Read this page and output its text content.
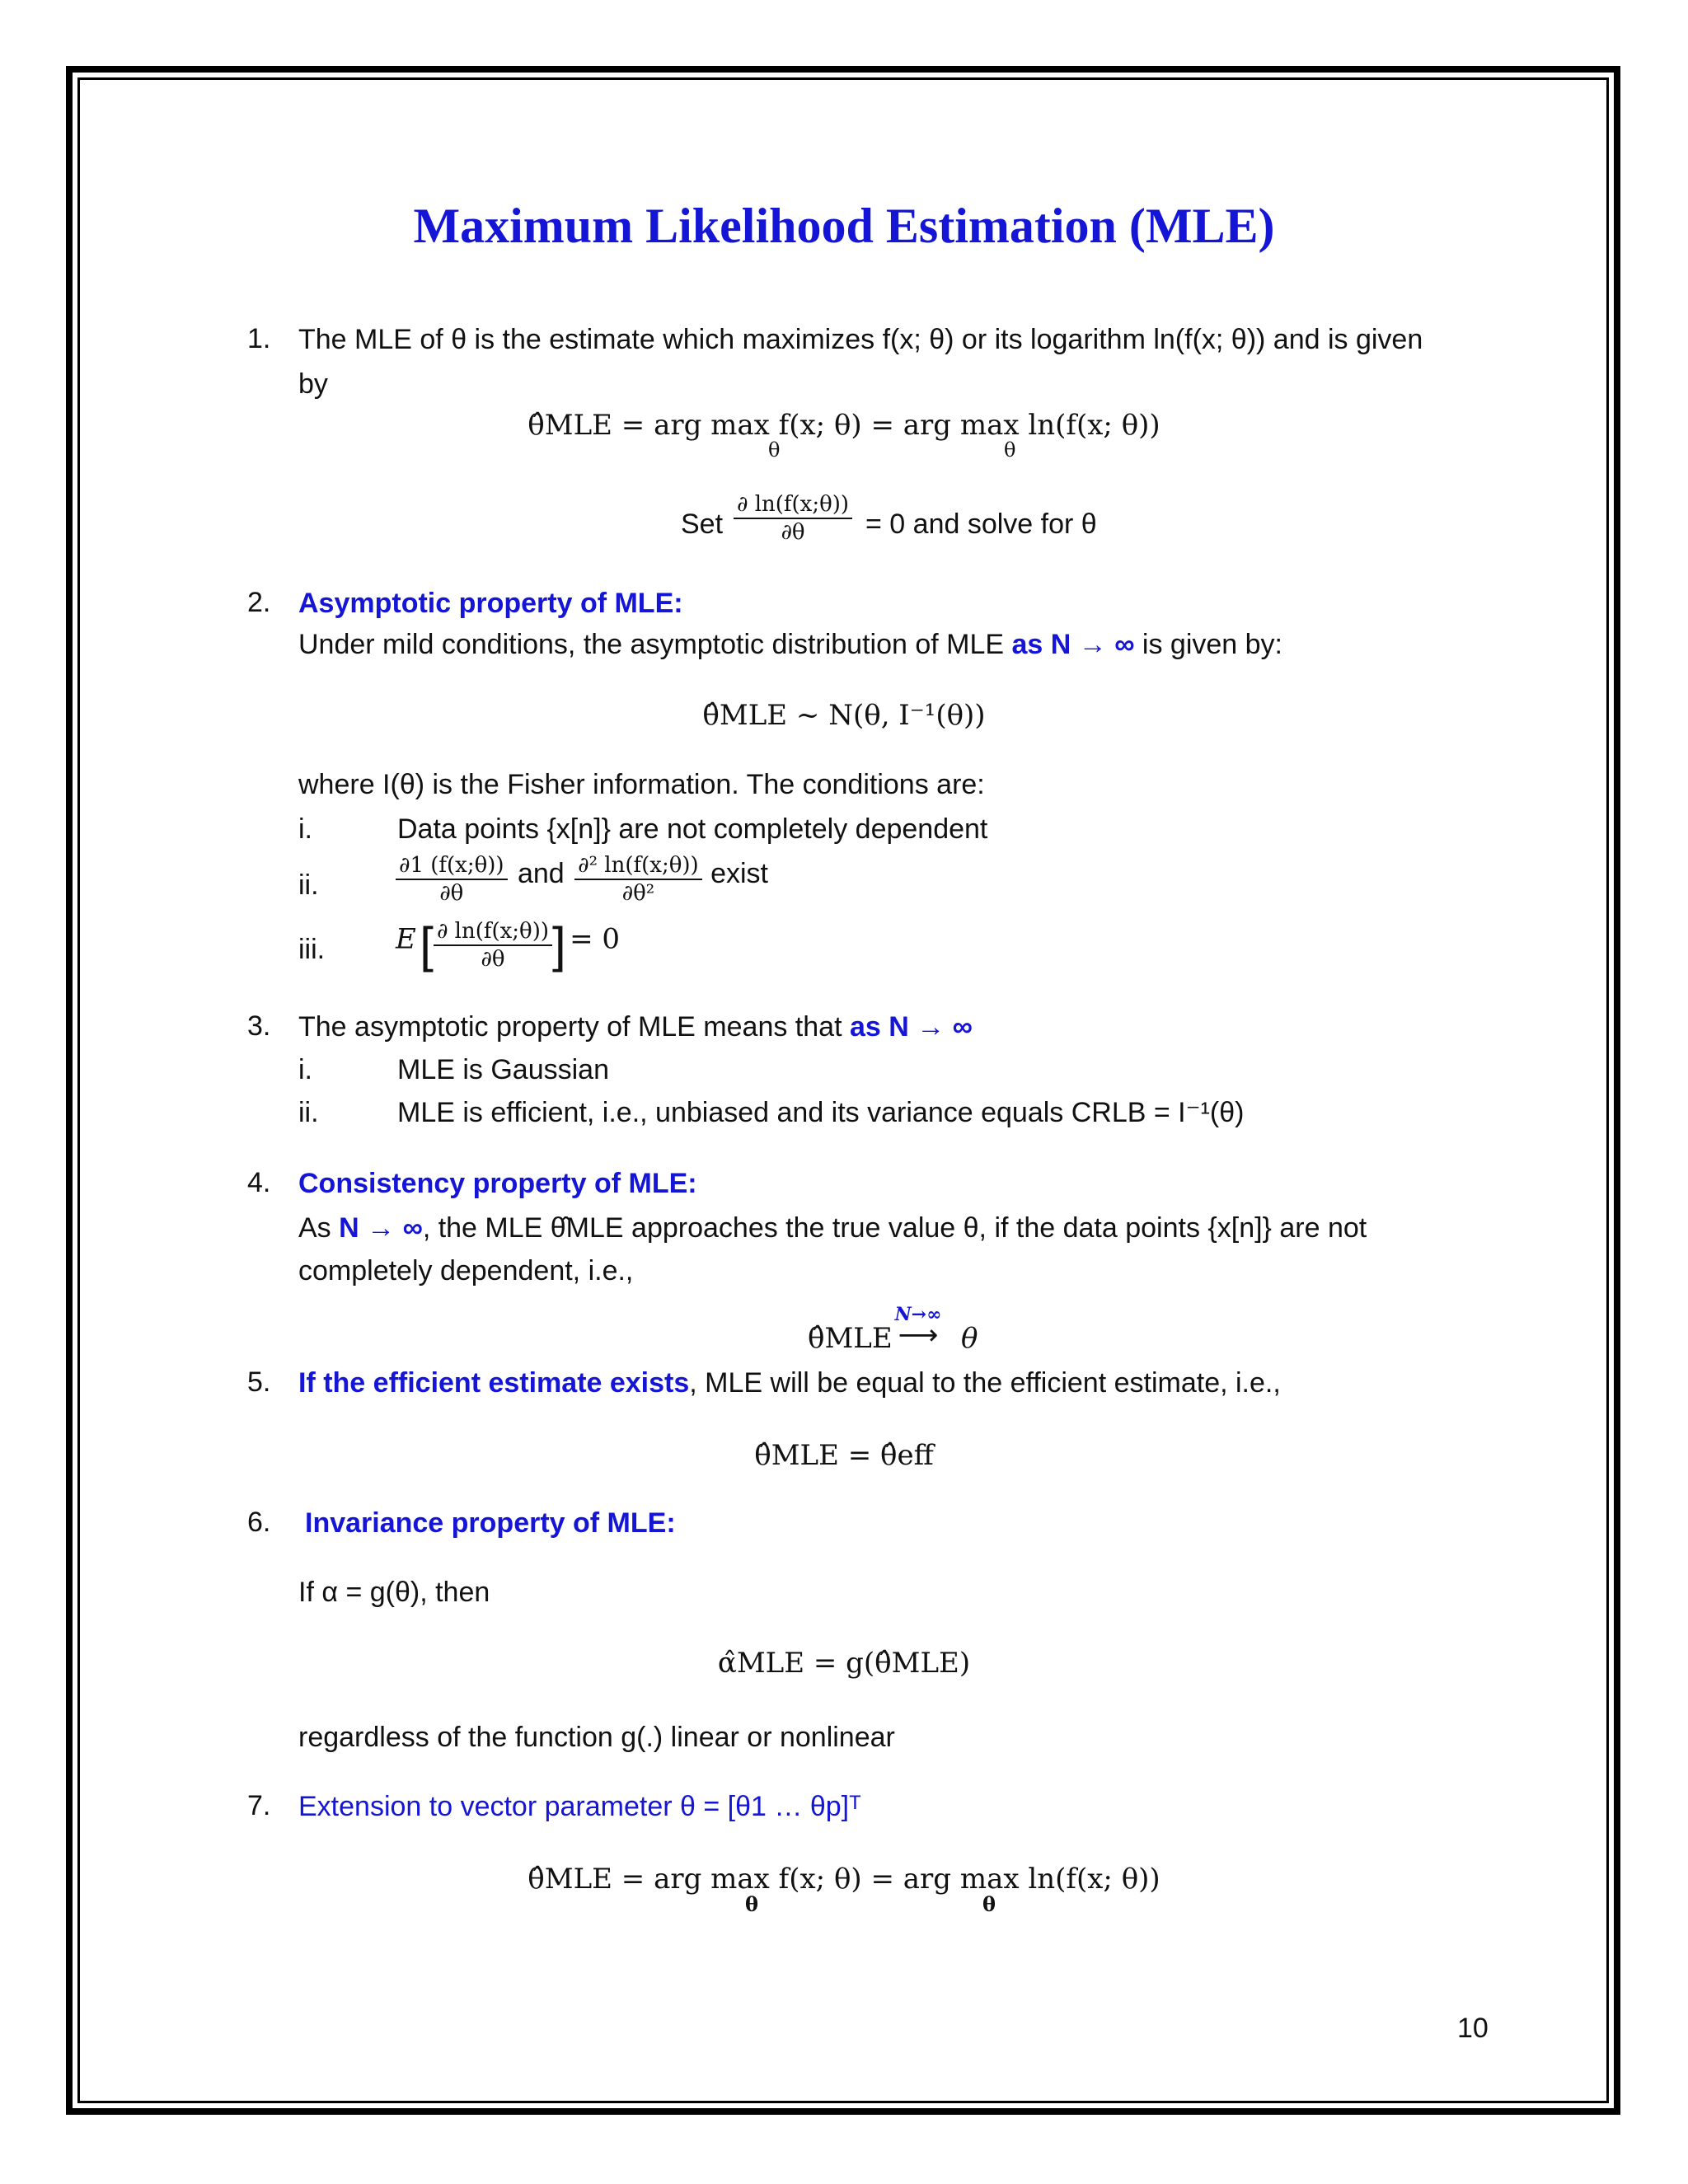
Maximum Likelihood Estimation (MLE)
1. The MLE of θ is the estimate which maximizes f(x; θ) or its logarithm ln(f(x; θ)) and is given
by
θ̂MLE = arg max f(x; θ) = arg max ln(f(x; θ))
θ	θ
Set $\frac{\partial \ln(f(x;\theta))}{\partial\theta} = 0$ and solve for θ
2. Asymptotic property of MLE:
Under mild conditions, the asymptotic distribution of MLE as N → ∞ is given by:
θ̂MLE ~ N(θ, I⁻¹(θ))
where I(θ) is the Fisher information. The conditions are:
i.	Data points {x[n]} are not completely dependent
ii.	$\frac{\partial 1 (f(x;\theta))}{\partial\theta}$ and $\frac{\text{∂² ln(f(x;θ))}}{\text{∂θ²}}$ exist
iii.	E [ $\frac{\partial \ln(f(x;\theta))}{\partial\theta}$ ] = 0
3. The asymptotic property of MLE means that as N → ∞
i.	MLE is Gaussian
ii.	MLE is efficient, i.e., unbiased and its variance equals CRLB = I⁻¹(θ)
4. Consistency property of MLE:
As N → ∞, the MLE θ̂MLE approaches the true value θ, if the data points {x[n]} are not
completely dependent, i.e.,
θ̂MLE
N→∞
⟶ θ
5. If the efficient estimate exists, MLE will be equal to the efficient estimate, i.e.,
θ̂MLE = θ̂eff
6. Invariance property of MLE:
If α = g(θ), then
α̂MLE = g(θ̂MLE)
regardless of the function g(.) linear or nonlinear
7. Extension to vector parameter θ = [θ1 … θp]ᵀ
θ̂MLE = arg max f(x; θ) = arg max ln(f(x; θ))
θ	θ
10
